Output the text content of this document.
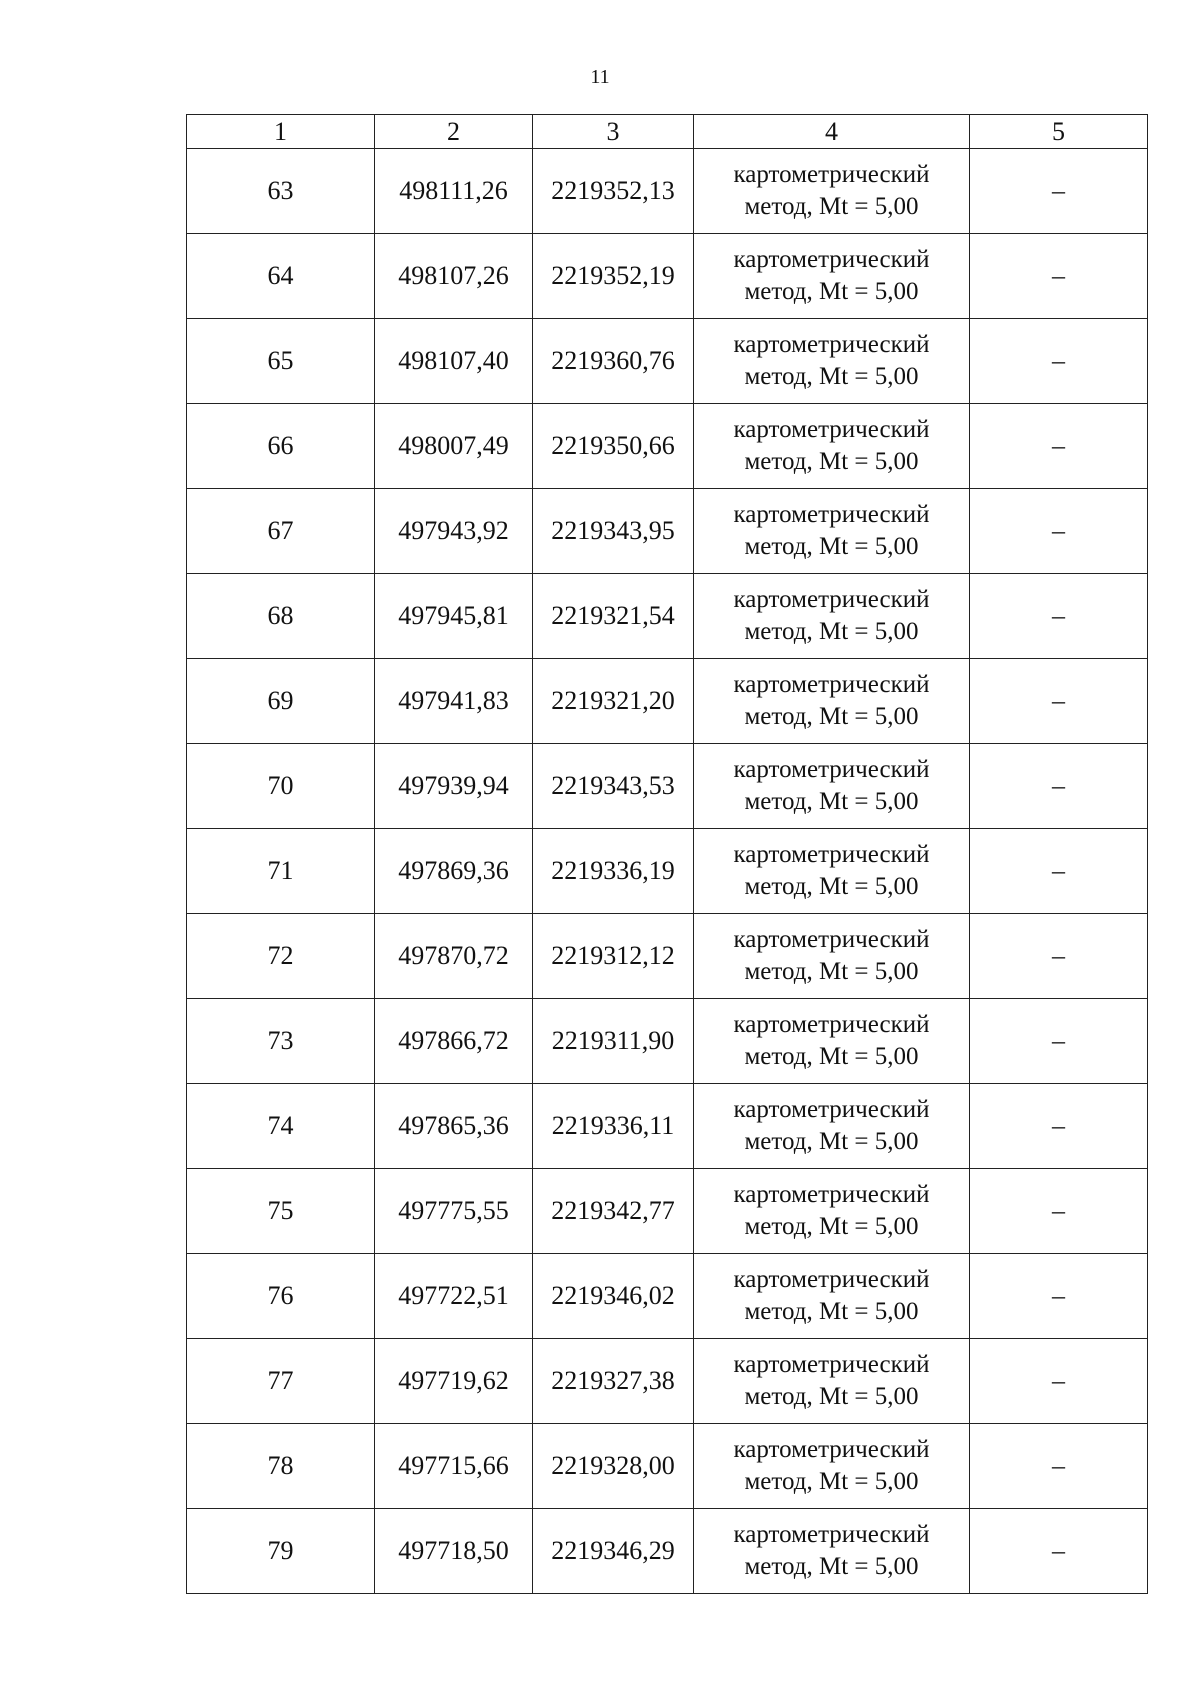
11
1	2	3	4	5
63	498111,26	2219352,13	картометрический
метод, Mt = 5,00	–
64	498107,26	2219352,19	картометрический
метод, Mt = 5,00	–
65	498107,40	2219360,76	картометрический
метод, Mt = 5,00	–
66	498007,49	2219350,66	картометрический
метод, Mt = 5,00	–
67	497943,92	2219343,95	картометрический
метод, Mt = 5,00	–
68	497945,81	2219321,54	картометрический
метод, Mt = 5,00	–
69	497941,83	2219321,20	картометрический
метод, Mt = 5,00	–
70	497939,94	2219343,53	картометрический
метод, Mt = 5,00	–
71	497869,36	2219336,19	картометрический
метод, Mt = 5,00	–
72	497870,72	2219312,12	картометрический
метод, Mt = 5,00	–
73	497866,72	2219311,90	картометрический
метод, Mt = 5,00	–
74	497865,36	2219336,11	картометрический
метод, Mt = 5,00	–
75	497775,55	2219342,77	картометрический
метод, Mt = 5,00	–
76	497722,51	2219346,02	картометрический
метод, Mt = 5,00	–
77	497719,62	2219327,38	картометрический
метод, Mt = 5,00	–
78	497715,66	2219328,00	картометрический
метод, Mt = 5,00	–
79	497718,50	2219346,29	картометрический
метод, Mt = 5,00	–
